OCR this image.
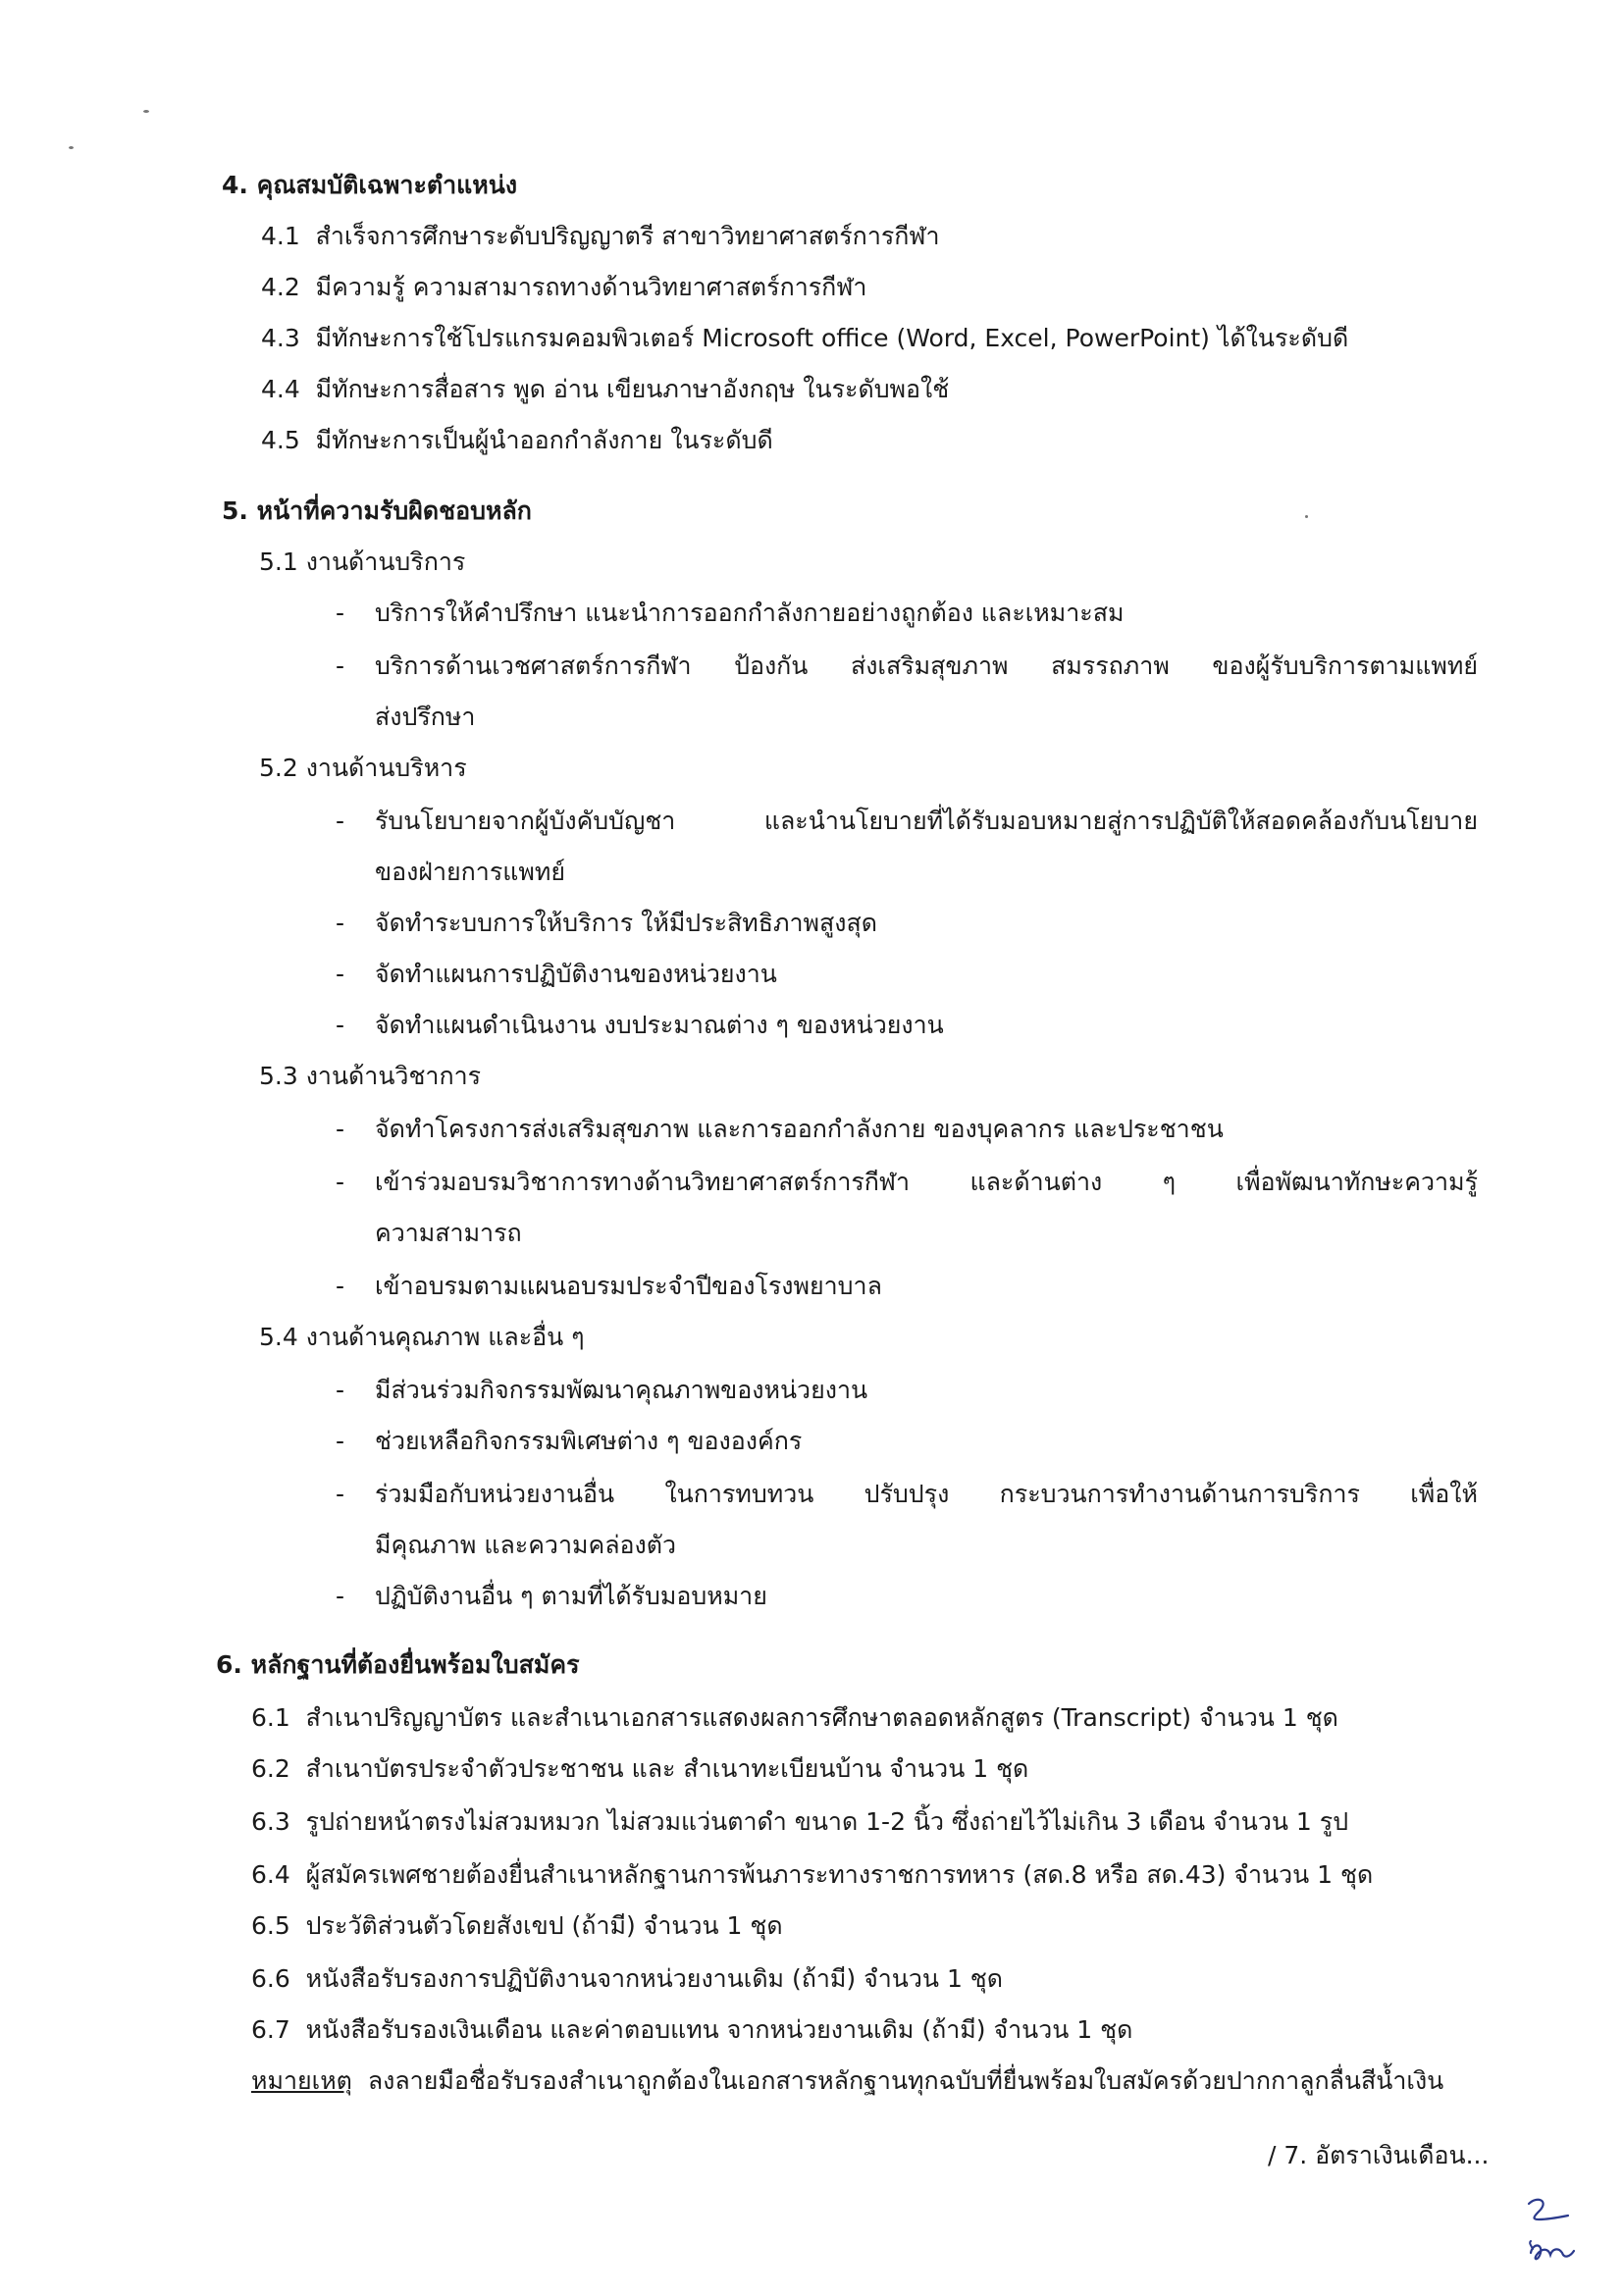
4. คุณสมบัติเฉพาะตำแหน่ง
4.1 สำเร็จการศึกษาระดับปริญญาตรี สาขาวิทยาศาสตร์การกีฬา
4.2 มีความรู้ ความสามารถทางด้านวิทยาศาสตร์การกีฬา
4.3 มีทักษะการใช้โปรแกรมคอมพิวเตอร์ Microsoft office (Word, Excel, PowerPoint) ได้ในระดับดี
4.4 มีทักษะการสื่อสาร พูด อ่าน เขียนภาษาอังกฤษ ในระดับพอใช้
4.5 มีทักษะการเป็นผู้นำออกกำลังกาย ในระดับดี
5. หน้าที่ความรับผิดชอบหลัก
5.1 งานด้านบริการ
- บริการให้คำปรึกษา แนะนำการออกกำลังกายอย่างถูกต้อง และเหมาะสม
- บริการด้านเวชศาสตร์การกีฬา ป้องกัน ส่งเสริมสุขภาพ สมรรถภาพ ของผู้รับบริการตามแพทย์
ส่งปรึกษา
5.2 งานด้านบริหาร
- รับนโยบายจากผู้บังคับบัญชา และนำนโยบายที่ได้รับมอบหมายสู่การปฏิบัติให้สอดคล้องกับนโยบาย
ของฝ่ายการแพทย์
- จัดทำระบบการให้บริการ ให้มีประสิทธิภาพสูงสุด
- จัดทำแผนการปฏิบัติงานของหน่วยงาน
- จัดทำแผนดำเนินงาน งบประมาณต่าง ๆ ของหน่วยงาน
5.3 งานด้านวิชาการ
- จัดทำโครงการส่งเสริมสุขภาพ และการออกกำลังกาย ของบุคลากร และประชาชน
- เข้าร่วมอบรมวิชาการทางด้านวิทยาศาสตร์การกีฬา และด้านต่าง ๆ เพื่อพัฒนาทักษะความรู้
ความสามารถ
- เข้าอบรมตามแผนอบรมประจำปีของโรงพยาบาล
5.4 งานด้านคุณภาพ และอื่น ๆ
- มีส่วนร่วมกิจกรรมพัฒนาคุณภาพของหน่วยงาน
- ช่วยเหลือกิจกรรมพิเศษต่าง ๆ ขององค์กร
- ร่วมมือกับหน่วยงานอื่น ในการทบทวน ปรับปรุง กระบวนการทำงานด้านการบริการ เพื่อให้
มีคุณภาพ และความคล่องตัว
- ปฏิบัติงานอื่น ๆ ตามที่ได้รับมอบหมาย
6. หลักฐานที่ต้องยื่นพร้อมใบสมัคร
6.1 สำเนาปริญญาบัตร และสำเนาเอกสารแสดงผลการศึกษาตลอดหลักสูตร (Transcript) จำนวน 1 ชุด
6.2 สำเนาบัตรประจำตัวประชาชน และ สำเนาทะเบียนบ้าน จำนวน 1 ชุด
6.3 รูปถ่ายหน้าตรงไม่สวมหมวก ไม่สวมแว่นตาดำ ขนาด 1-2 นิ้ว ซึ่งถ่ายไว้ไม่เกิน 3 เดือน จำนวน 1 รูป
6.4 ผู้สมัครเพศชายต้องยื่นสำเนาหลักฐานการพ้นภาระทางราชการทหาร (สด.8 หรือ สด.43) จำนวน 1 ชุด
6.5 ประวัติส่วนตัวโดยสังเขป (ถ้ามี) จำนวน 1 ชุด
6.6 หนังสือรับรองการปฏิบัติงานจากหน่วยงานเดิม (ถ้ามี) จำนวน 1 ชุด
6.7 หนังสือรับรองเงินเดือน และค่าตอบแทน จากหน่วยงานเดิม (ถ้ามี) จำนวน 1 ชุด
หมายเหตุ ลงลายมือชื่อรับรองสำเนาถูกต้องในเอกสารหลักฐานทุกฉบับที่ยื่นพร้อมใบสมัครด้วยปากกาลูกลื่นสีน้ำเงิน
/ 7. อัตราเงินเดือน...
